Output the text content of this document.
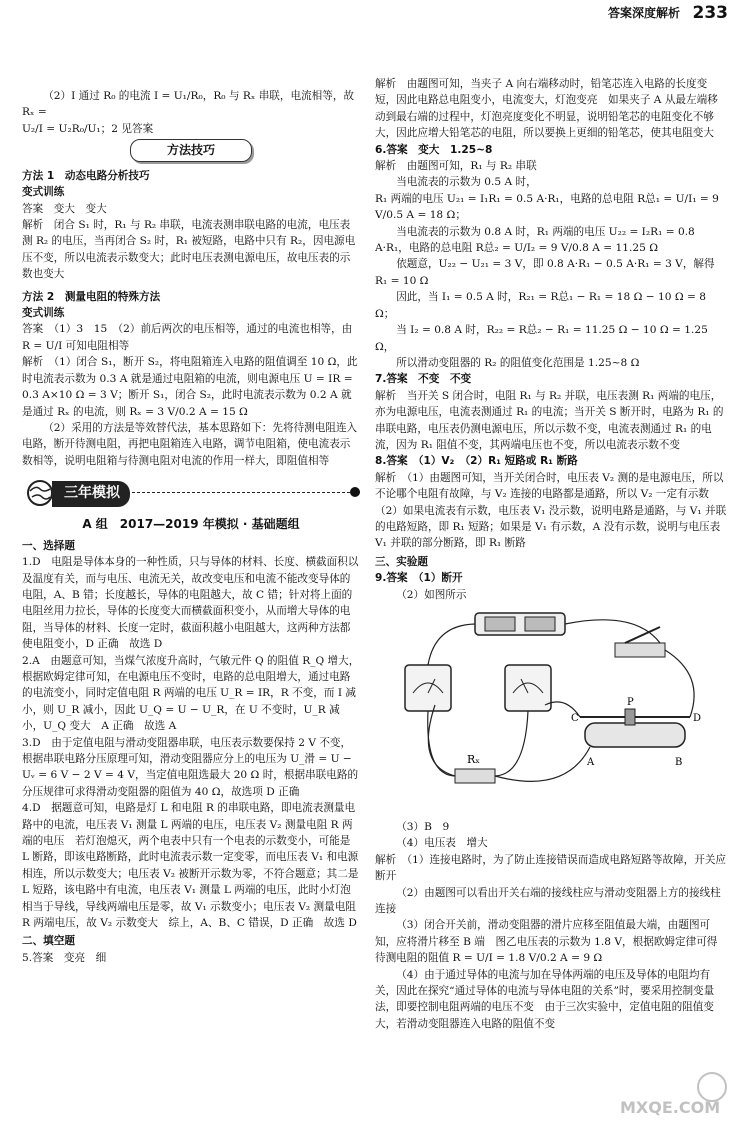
答案深度解析 233

（2）I 通过 R₀ 的电流 I = U₁/R₀，R₀ 与 Rₓ 串联，电流相等，故 Rₓ =

U₂/I = U₂R₀/U₁；2 见答案

方法技巧

方法 1　动态电路分析技巧

变式训练

答案　变大　变大

解析　闭合 S₁ 时，R₁ 与 R₂ 串联，电流表测串联电路的电流，电压表测 R₂ 的电压，当再闭合 S₂ 时，R₁ 被短路，电路中只有 R₂，因电源电压不变，所以电流表示数变大；此时电压表测电源电压，故电压表的示数也变大

方法 2　测量电阻的特殊方法

变式训练

答案　（1）3　15　（2）前后两次的电压相等，通过的电流也相等，由 R = U/I 可知电阻相等

解析　（1）闭合 S₁，断开 S₂，将电阻箱连入电路的阻值调至 10 Ω，此时电流表示数为 0.3 A 就是通过电阻箱的电流，则电源电压 U = IR = 0.3 A×10 Ω = 3 V；断开 S₁，闭合 S₂，此时电流表示数为 0.2 A 就是通过 Rₓ 的电流，则 Rₓ = 3 V/0.2 A = 15 Ω

（2）采用的方法是等效替代法，基本思路如下：先将待测电阻连入电路，断开待测电阻，再把电阻箱连入电路，调节电阻箱，使电流表示数相等，说明电阻箱与待测电阻对电流的作用一样大，即阻值相等

三年模拟

A 组　2017—2019 年模拟 · 基础题组

一、选择题

1.D　电阻是导体本身的一种性质，只与导体的材料、长度、横截面积以及温度有关，而与电压、电流无关，故改变电压和电流不能改变导体的电阻，A、B 错；长度越长，导体的电阻越大，故 C 错；针对将上面的电阻丝用力拉长，导体的长度变大而横截面积变小，从而增大导体的电阻，当导体的材料、长度一定时，截面积越小电阻越大，这两种方法都使电阻变小，D 正确　故选 D

2.A　由题意可知，当煤气浓度升高时，气敏元件 Q 的阻值 R_Q 增大，根据欧姆定律可知，在电源电压不变时，电路的总电阻增大，通过电路的电流变小，同时定值电阻 R 两端的电压 U_R = IR，R 不变，而 I 减小，则 U_R 减小，因此 U_Q = U − U_R，在 U 不变时，U_R 减小，U_Q 变大　A 正确　故选 A

3.D　由于定值电阻与滑动变阻器串联，电压表示数要保持 2 V 不变，根据串联电路分压原理可知，滑动变阻器应分上的电压为 U_滑 = U − Uᵥ = 6 V − 2 V = 4 V，当定值电阻选最大 20 Ω 时，根据串联电路的分压规律可求得滑动变阻器的阻值为 40 Ω，故选项 D 正确

4.D　据题意可知，电路是灯 L 和电阻 R 的串联电路，即电流表测量电路中的电流，电压表 V₁ 测量 L 两端的电压，电压表 V₂ 测量电阻 R 两端的电压　若灯泡熄灭，两个电表中只有一个电表的示数变小，可能是 L 断路，即该电路断路，此时电流表示数一定变零，而电压表 V₁ 和电源相连，所以示数变大；电压表 V₂ 被断开示数为零，不符合题意；其二是 L 短路，该电路中有电流，电压表 V₁ 测量 L 两端的电压，此时小灯泡相当于导线，导线两端电压是零，故 V₁ 示数变小；电压表 V₂ 测量电阻 R 两端电压，故 V₂ 示数变大　综上，A、B、C 错误，D 正确　故选 D

二、填空题

5.答案　变亮　细

解析　由题图可知，当夹子 A 向右端移动时，铅笔芯连入电路的长度变短，因此电路总电阻变小，电流变大，灯泡变亮　如果夹子 A 从最左端移动到最右端的过程中，灯泡亮度变化不明显，说明铅笔芯的电阻变化不够大，因此应增大铅笔芯的电阻，所以要换上更细的铅笔芯，使其电阻变大

6.答案　变大　1.25~8

解析　由题图可知，R₁ 与 R₂ 串联

当电流表的示数为 0.5 A 时，

R₁ 两端的电压 U₂₁ = I₁R₁ = 0.5 A·R₁，电路的总电阻 R总₁ = U/I₁ = 9 V/0.5 A = 18 Ω；

当电流表的示数为 0.8 A 时，R₁ 两端的电压 U₂₂ = I₂R₁ = 0.8 A·R₁，电路的总电阻 R总₂ = U/I₂ = 9 V/0.8 A = 11.25 Ω

依题意，U₂₂ − U₂₁ = 3 V，即 0.8 A·R₁ − 0.5 A·R₁ = 3 V，解得 R₁ = 10 Ω

因此，当 I₁ = 0.5 A 时，R₂₁ = R总₁ − R₁ = 18 Ω − 10 Ω = 8 Ω；

当 I₂ = 0.8 A 时，R₂₂ = R总₂ − R₁ = 11.25 Ω − 10 Ω = 1.25 Ω，

所以滑动变阻器的 R₂ 的阻值变化范围是 1.25~8 Ω

7.答案　不变　不变

解析　当开关 S 闭合时，电阻 R₁ 与 R₂ 并联，电压表测 R₁ 两端的电压，亦为电源电压，电流表测通过 R₁ 的电流；当开关 S 断开时，电路为 R₁ 的串联电路，电压表仍测电源电压，所以示数不变，电流表测通过 R₁ 的电流，因为 R₁ 阻值不变，其两端电压也不变，所以电流表示数不变

8.答案　（1）V₂　（2）R₁ 短路或 R₁ 断路

解析　（1）由题图可知，当开关闭合时，电压表 V₂ 测的是电源电压，所以不论哪个电阻有故障，与 V₂ 连接的电路都是通路，所以 V₂ 一定有示数　（2）如果电流表有示数，电压表 V₁ 没示数，说明电路是通路，与 V₁ 并联的电路短路，即 R₁ 短路；如果是 V₁ 有示数，A 没有示数，说明与电压表 V₁ 并联的部分断路，即 R₁ 断路

三、实验题

9.答案　（1）断开

（2）如图所示

Rₓ
P
A	B
C	D

（3）B　9

（4）电压表　增大

解析　（1）连接电路时，为了防止连接错误而造成电路短路等故障，开关应断开

（2）由题图可以看出开关右端的接线柱应与滑动变阻器上方的接线柱连接

（3）闭合开关前，滑动变阻器的滑片应移至阻值最大端，由题图可知，应将滑片移至 B 端　图乙电压表的示数为 1.8 V，根据欧姆定律可得待测电阻的阻值 R = U/I = 1.8 V/0.2 A = 9 Ω

（4）由于通过导体的电流与加在导体两端的电压及导体的电阻均有关，因此在探究“通过导体的电流与导体电阻的关系”时，要采用控制变量法，即要控制电阻两端的电压不变　由于三次实验中，定值电阻的阻值变大，若滑动变阻器连入电路的阻值不变

MXQE.COM
